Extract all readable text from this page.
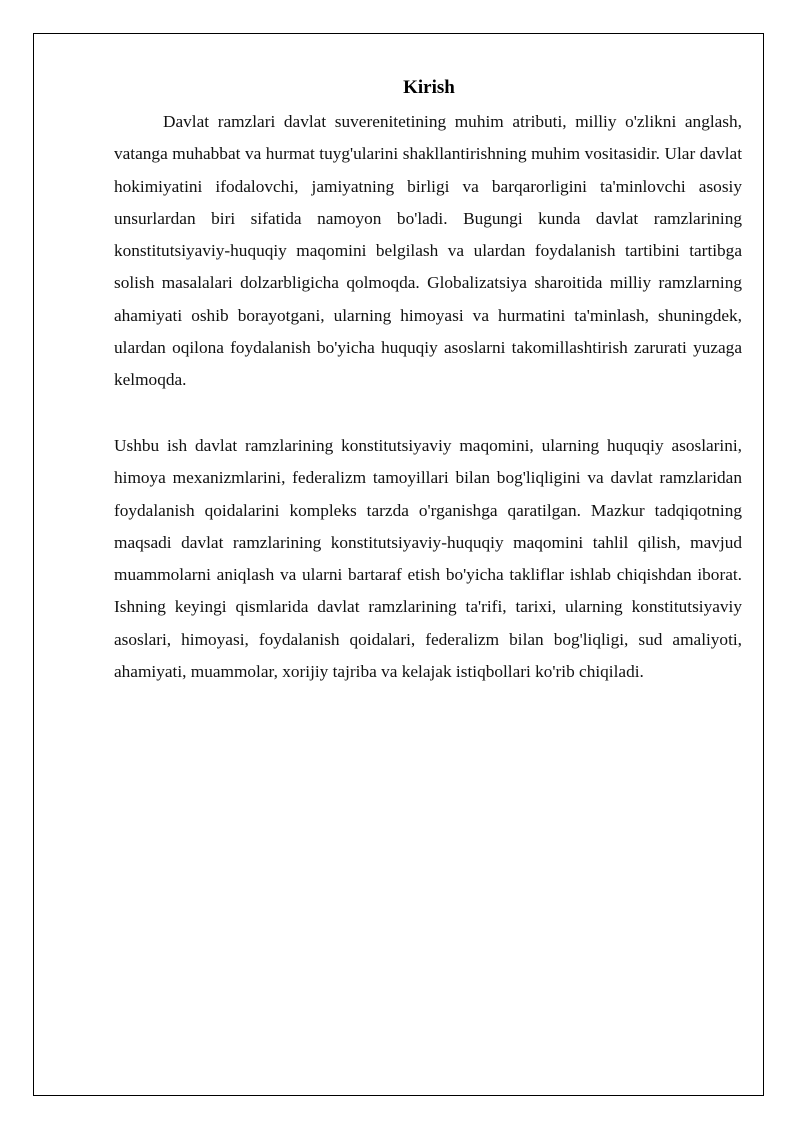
Kirish

Davlat ramzlari davlat suverenitetining muhim atributi, milliy o'zlikni anglash, vatanga muhabbat va hurmat tuyg'ularini shakllantirishning muhim vositasidir. Ular davlat hokimiyatini ifodalovchi, jamiyatning birligi va barqarorligini ta'minlovchi asosiy unsurlardan biri sifatida namoyon bo'ladi. Bugungi kunda davlat ramzlarining konstitutsiyaviy-huquqiy maqomini belgilash va ulardan foydalanish tartibini tartibga solish masalalari dolzarbligicha qolmoqda. Globalizatsiya sharoitida milliy ramzlarning ahamiyati oshib borayotgani, ularning himoyasi va hurmatini ta'minlash, shuningdek, ulardan oqilona foydalanish bo'yicha huquqiy asoslarni takomillashtirish zarurati yuzaga kelmoqda.

Ushbu ish davlat ramzlarining konstitutsiyaviy maqomini, ularning huquqiy asoslarini, himoya mexanizmlarini, federalizm tamoyillari bilan bog'liqligini va davlat ramzlaridan foydalanish qoidalarini kompleks tarzda o'rganishga qaratilgan. Mazkur tadqiqotning maqsadi davlat ramzlarining konstitutsiyaviy-huquqiy maqomini tahlil qilish, mavjud muammolarni aniqlash va ularni bartaraf etish bo'yicha takliflar ishlab chiqishdan iborat. Ishning keyingi qismlarida davlat ramzlarining ta'rifi, tarixi, ularning konstitutsiyaviy asoslari, himoyasi, foydalanish qoidalari, federalizm bilan bog'liqligi, sud amaliyoti, ahamiyati, muammolar, xorijiy tajriba va kelajak istiqbollari ko'rib chiqiladi.
